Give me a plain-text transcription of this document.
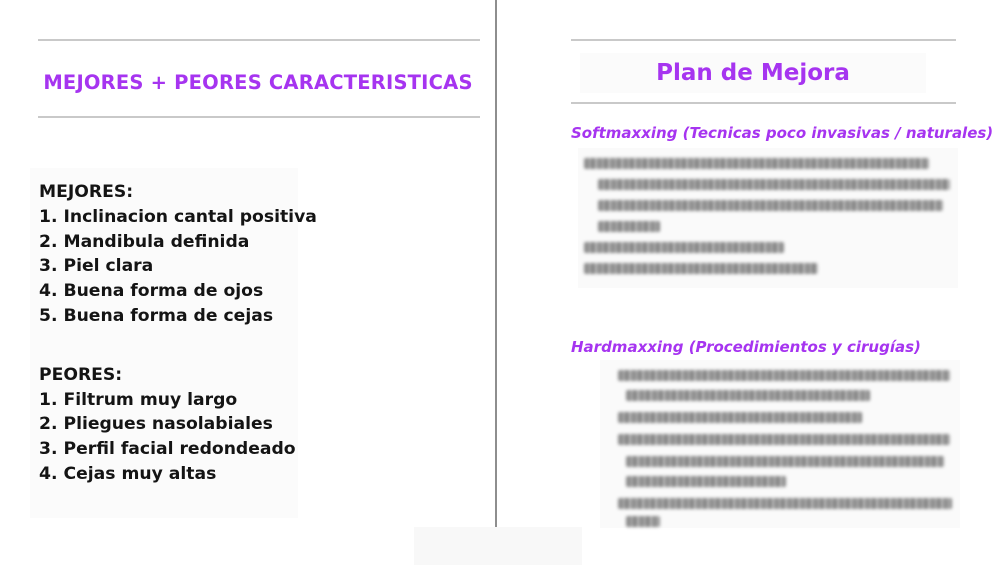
MEJORES + PEORES CARACTERISTICAS
MEJORES:
1. Inclinacion cantal positiva
2. Mandibula definida
3. Piel clara
4. Buena forma de ojos
5. Buena forma de cejas
PEORES:
1. Filtrum muy largo
2. Pliegues nasolabiales
3. Perfil facial redondeado
4. Cejas muy altas
Plan de Mejora
Softmaxxing (Tecnicas poco invasivas / naturales)
Hardmaxxing (Procedimientos y cirugías)
